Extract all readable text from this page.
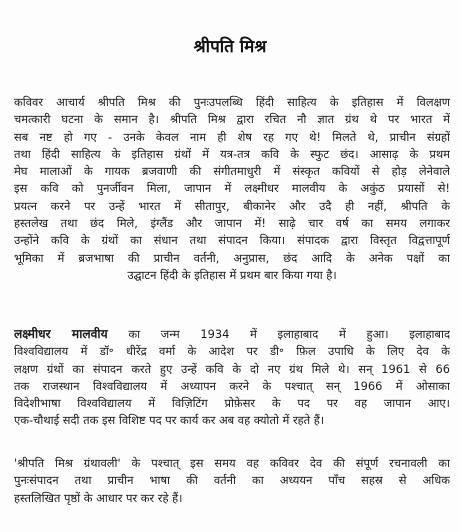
श्रीपति मिश्र
कविवर आचार्य श्रीपति मिश्र की पुनःउपलब्धि हिंदी साहित्य के इतिहास में विलक्षण
चमत्कारी घटना के समान है। श्रीपति मिश्र द्वारा रचित नौ ज्ञात ग्रंथ थे पर भारत में
सब नष्ट हो गए - उनके केवल नाम ही शेष रह गए थे! मिलते थे, प्राचीन संग्रहों
तथा हिंदी साहित्य के इतिहास ग्रंथों में यत्र-तत्र कवि के स्फुट छंद। आसाढ़ के प्रथम
मेघ मालाओं के गायक ब्रजवाणी की संगीतमाधुरी में संस्कृत कवियों से होड़ लेनेवाले
इस कवि को पुनर्जीवन मिला, जापान में लक्ष्मीधर मालवीय के अकुंठ प्रयासों से!
प्रयत्न करने पर उन्हें भारत में सीतापुर, बीकानेर और उदै ही नहीं, श्रीपति के
हस्तलेख तथा छंद मिले, इंग्लैंड और जापान में! साढ़े चार वर्ष का समय लगाकर
उन्होंने कवि के ग्रंथों का संधान तथा संपादन किया। संपादक द्वारा विस्तृत विद्वत्तापूर्ण
भूमिका में ब्रजभाषा की प्राचीन वर्तनी, अनुप्रास, छंद आदि के अनेक पक्षों का
उद्घाटन हिंदी के इतिहास में प्रथम बार किया गया है।
लक्ष्मीधर मालवीय का जन्म 1934 में इलाहाबाद में हुआ। इलाहाबाद
विश्वविद्यालय में डॉ॰ धीरेंद्र वर्मा के आदेश पर डी॰ फ़िल उपाधि के लिए देव के
लक्षण ग्रंथों का संपादन करते हुए उन्हें कवि के दो नए ग्रंथ मिले थे। सन् 1961 से 66
तक राजस्थान विश्वविद्यालय में अध्यापन करने के पश्चात् सन् 1966 में ओसाका
विदेशीभाषा विश्वविद्यालय में विज़िटिंग प्रोफ़ेसर के पद पर वह जापान आए।
एक-चौथाई सदी तक इस विशिष्ट पद पर कार्य कर अब वह क्योतो में रहते हैं।
'श्रीपति मिश्र ग्रंथावली' के पश्चात् इस समय वह कविवर देव की संपूर्ण रचनावली का
पुनःसंपादन तथा प्राचीन भाषा की वर्तनी का अध्ययन पाँच सहस्र से अधिक
हस्तलिखित पृष्ठों के आधार पर कर रहे हैं।
